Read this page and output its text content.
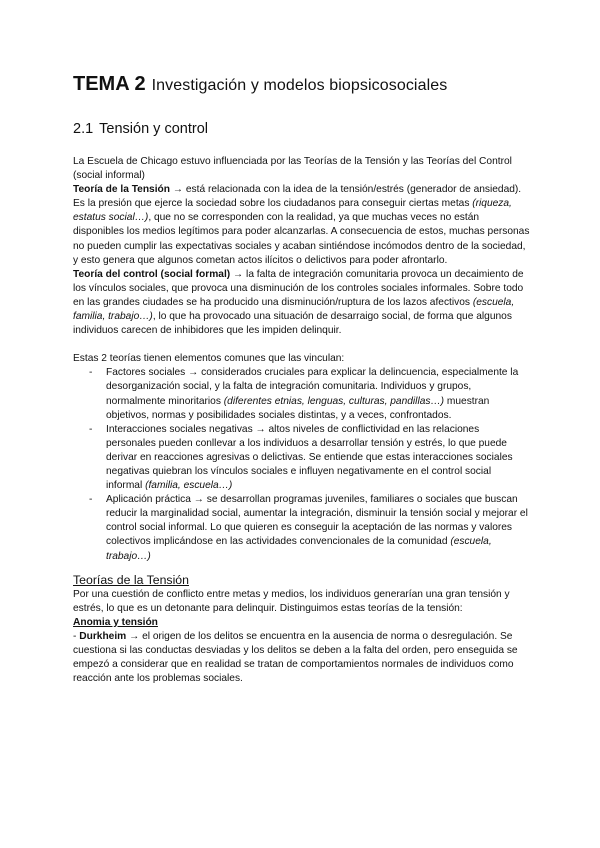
TEMA 2 Investigación y modelos biopsicosociales
2.1 Tensión y control

La Escuela de Chicago estuvo influenciada por las Teorías de la Tensión y las Teorías del Control (social informal)

Teoría de la Tensión → está relacionada con la idea de la tensión/estrés (generador de ansiedad). Es la presión que ejerce la sociedad sobre los ciudadanos para conseguir ciertas metas (riqueza, estatus social…), que no se corresponden con la realidad, ya que muchas veces no están disponibles los medios legítimos para poder alcanzarlas. A consecuencia de estos, muchas personas no pueden cumplir las expectativas sociales y acaban sintiéndose incómodos dentro de la sociedad, y esto genera que algunos cometan actos ilícitos o delictivos para poder afrontarlo.

Teoría del control (social formal) → la falta de integración comunitaria provoca un decaimiento de los vínculos sociales, que provoca una disminución de los controles sociales informales. Sobre todo en las grandes ciudades se ha producido una disminución/ruptura de los lazos afectivos (escuela, familia, trabajo…), lo que ha provocado una situación de desarraigo social, de forma que algunos individuos carecen de inhibidores que les impiden delinquir.

Estas 2 teorías tienen elementos comunes que las vinculan:

- Factores sociales → considerados cruciales para explicar la delincuencia, especialmente la desorganización social, y la falta de integración comunitaria. Individuos y grupos, normalmente minoritarios (diferentes etnias, lenguas, culturas, pandillas…) muestran objetivos, normas y posibilidades sociales distintas, y a veces, confrontados.
- Interacciones sociales negativas → altos niveles de conflictividad en las relaciones personales pueden conllevar a los individuos a desarrollar tensión y estrés, lo que puede derivar en reacciones agresivas o delictivas. Se entiende que estas interacciones sociales negativas quiebran los vínculos sociales e influyen negativamente en el control social informal (familia, escuela…)
- Aplicación práctica → se desarrollan programas juveniles, familiares o sociales que buscan reducir la marginalidad social, aumentar la integración, disminuir la tensión social y mejorar el control social informal. Lo que quieren es conseguir la aceptación de las normas y valores colectivos implicándose en las actividades convencionales de la comunidad (escuela, trabajo…)
Teorías de la Tensión

Por una cuestión de conflicto entre metas y medios, los individuos generarían una gran tensión y estrés, lo que es un detonante para delinquir. Distinguimos estas teorías de la tensión:

Anomia y tensión

- Durkheim → el origen de los delitos se encuentra en la ausencia de norma o desregulación. Se cuestiona si las conductas desviadas y los delitos se deben a la falta del orden, pero enseguida se empezó a considerar que en realidad se tratan de comportamientos normales de individuos como reacción ante los problemas sociales.
